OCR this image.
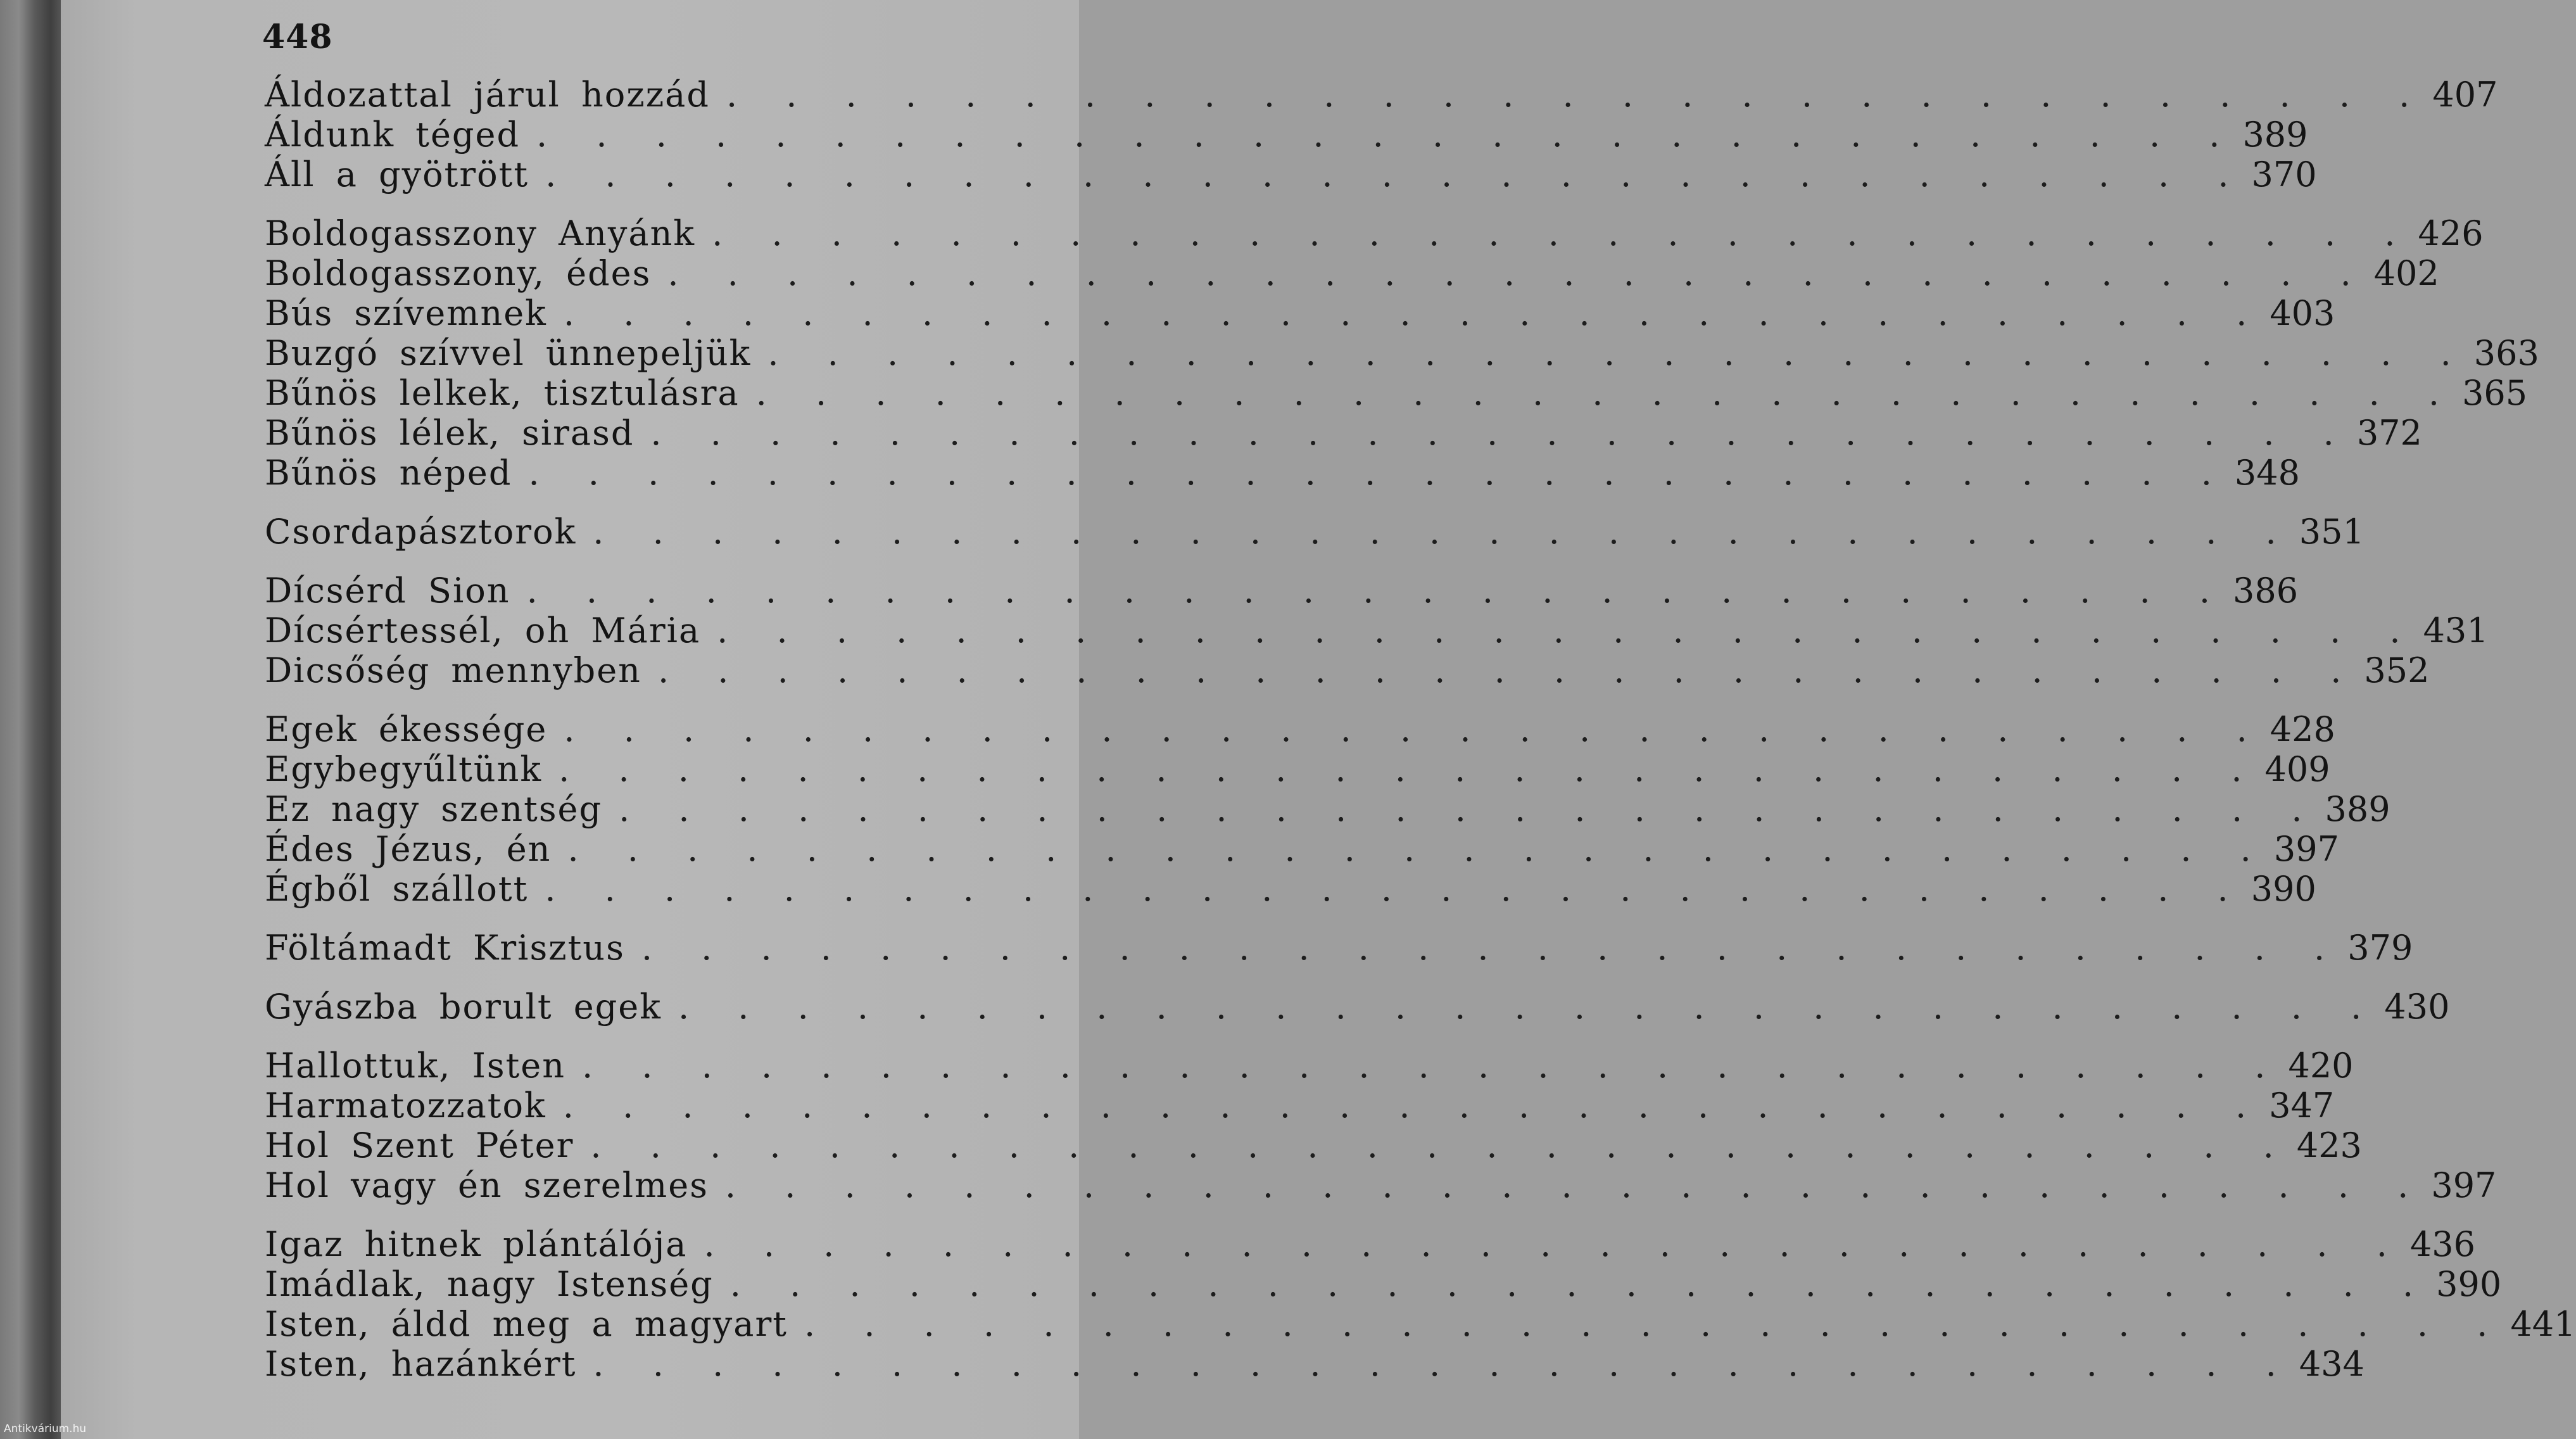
448
Áldozattal járul hozzád . . . . . . . . . . . . . . . . . . . . . . . . . . . . . 407
Áldunk téged . . . . . . . . . . . . . . . . . . . . . . . . . . . . . 389
Áll a gyötrött . . . . . . . . . . . . . . . . . . . . . . . . . . . . . 370
Boldogasszony Anyánk . . . . . . . . . . . . . . . . . . . . . . . . . . . . . 426
Boldogasszony, édes . . . . . . . . . . . . . . . . . . . . . . . . . . . . . 402
Bús szívemnek . . . . . . . . . . . . . . . . . . . . . . . . . . . . . 403
Buzgó szívvel ünnepeljük . . . . . . . . . . . . . . . . . . . . . . . . . . . . . 363
Bűnös lelkek, tisztulásra . . . . . . . . . . . . . . . . . . . . . . . . . . . . . 365
Bűnös lélek, sirasd . . . . . . . . . . . . . . . . . . . . . . . . . . . . . 372
Bűnös néped . . . . . . . . . . . . . . . . . . . . . . . . . . . . . 348
Csordapásztorok . . . . . . . . . . . . . . . . . . . . . . . . . . . . . 351
Dícsérd Sion . . . . . . . . . . . . . . . . . . . . . . . . . . . . . 386
Dícsértessél, oh Mária . . . . . . . . . . . . . . . . . . . . . . . . . . . . . 431
Dicsőség mennyben . . . . . . . . . . . . . . . . . . . . . . . . . . . . . 352
Egek ékessége . . . . . . . . . . . . . . . . . . . . . . . . . . . . . 428
Egybegyűltünk . . . . . . . . . . . . . . . . . . . . . . . . . . . . . 409
Ez nagy szentség . . . . . . . . . . . . . . . . . . . . . . . . . . . . . 389
Édes Jézus, én . . . . . . . . . . . . . . . . . . . . . . . . . . . . . 397
Égből szállott . . . . . . . . . . . . . . . . . . . . . . . . . . . . . 390
Föltámadt Krisztus . . . . . . . . . . . . . . . . . . . . . . . . . . . . . 379
Gyászba borult egek . . . . . . . . . . . . . . . . . . . . . . . . . . . . . 430
Hallottuk, Isten . . . . . . . . . . . . . . . . . . . . . . . . . . . . . 420
Harmatozzatok . . . . . . . . . . . . . . . . . . . . . . . . . . . . . 347
Hol Szent Péter . . . . . . . . . . . . . . . . . . . . . . . . . . . . . 423
Hol vagy én szerelmes . . . . . . . . . . . . . . . . . . . . . . . . . . . . . 397
Igaz hitnek plántálója . . . . . . . . . . . . . . . . . . . . . . . . . . . . . 436
Imádlak, nagy Istenség . . . . . . . . . . . . . . . . . . . . . . . . . . . . . 390
Isten, áldd meg a magyart . . . . . . . . . . . . . . . . . . . . . . . . . . . . . 441
Isten, hazánkért . . . . . . . . . . . . . . . . . . . . . . . . . . . . . 434
Antikvárium.hu
